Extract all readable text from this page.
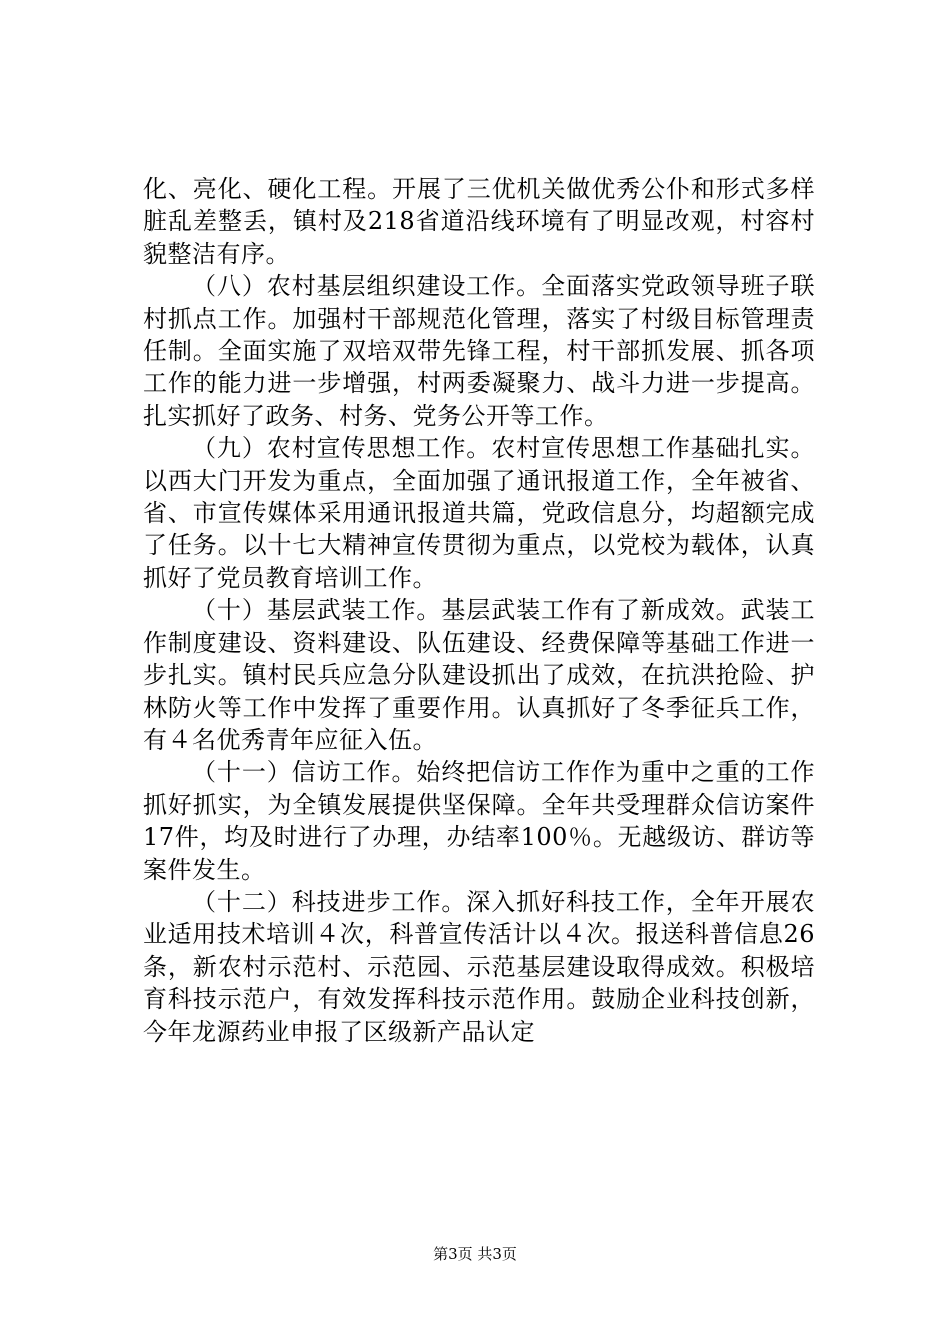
化、亮化、硬化工程。开展了三优机关做优秀公仆和形式多样脏乱差整丢，镇村及218省道沿线环境有了明显改观，村容村貌整洁有序。

（八）农村基层组织建设工作。全面落实党政领导班子联村抓点工作。加强村干部规范化管理，落实了村级目标管理责任制。全面实施了双培双带先锋工程，村干部抓发展、抓各项工作的能力进一步增强，村两委凝聚力、战斗力进一步提高。扎实抓好了政务、村务、党务公开等工作。

（九）农村宣传思想工作。农村宣传思想工作基础扎实。以西大门开发为重点，全面加强了通讯报道工作，全年被省、省、市宣传媒体采用通讯报道共篇，党政信息分，均超额完成了任务。以十七大精神宣传贯彻为重点，以党校为载体，认真抓好了党员教育培训工作。

（十）基层武装工作。基层武装工作有了新成效。武装工作制度建设、资料建设、队伍建设、经费保障等基础工作进一步扎实。镇村民兵应急分队建设抓出了成效，在抗洪抢险、护林防火等工作中发挥了重要作用。认真抓好了冬季征兵工作，有４名优秀青年应征入伍。

（十一）信访工作。始终把信访工作作为重中之重的工作抓好抓实，为全镇发展提供坚保障。全年共受理群众信访案件17件，均及时进行了办理，办结率100％。无越级访、群访等案件发生。

（十二）科技进步工作。深入抓好科技工作，全年开展农业适用技术培训４次，科普宣传活计以４次。报送科普信息26条，新农村示范村、示范园、示范基层建设取得成效。积极培育科技示范户，有效发挥科技示范作用。鼓励企业科技创新，今年龙源药业申报了区级新产品认定

第3页 共3页
